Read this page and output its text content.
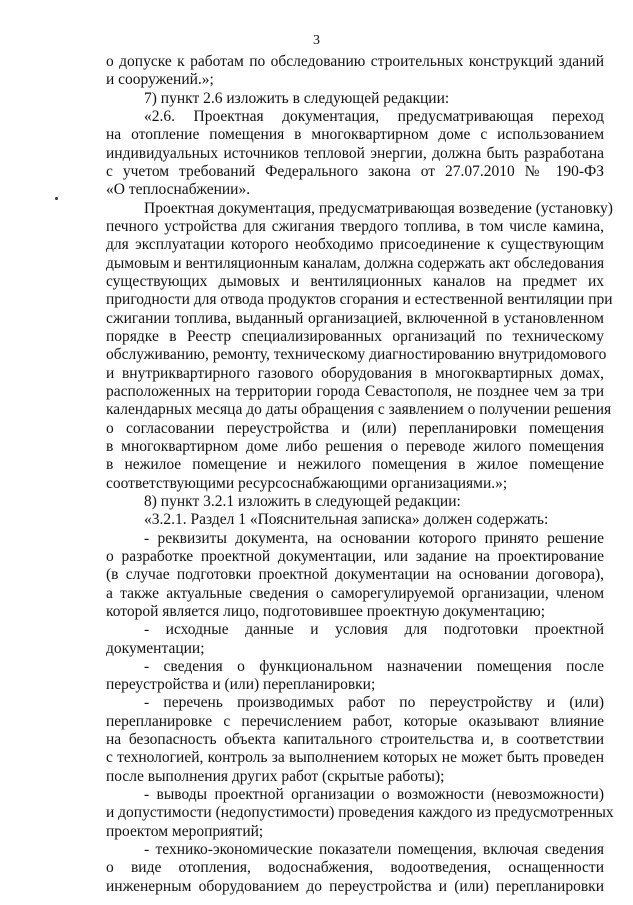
3
о допуске к работам по обследованию строительных конструкций зданий
и сооружений.»;
7) пункт 2.6 изложить в следующей редакции:
«2.6. Проектная документация, предусматривающая переход
на отопление помещения в многоквартирном доме с использованием
индивидуальных источников тепловой энергии, должна быть разработана
с учетом требований Федерального закона от 27.07.2010 № 190-ФЗ
«О теплоснабжении».
Проектная документация, предусматривающая возведение (установку)
печного устройства для сжигания твердого топлива, в том числе камина,
для эксплуатации которого необходимо присоединение к существующим
дымовым и вентиляционным каналам, должна содержать акт обследования
существующих дымовых и вентиляционных каналов на предмет их
пригодности для отвода продуктов сгорания и естественной вентиляции при
сжигании топлива, выданный организацией, включенной в установленном
порядке в Реестр специализированных организаций по техническому
обслуживанию, ремонту, техническому диагностированию внутридомового
и внутриквартирного газового оборудования в многоквартирных домах,
расположенных на территории города Севастополя, не позднее чем за три
календарных месяца до даты обращения с заявлением о получении решения
о согласовании переустройства и (или) перепланировки помещения
в многоквартирном доме либо решения о переводе жилого помещения
в нежилое помещение и нежилого помещения в жилое помещение
соответствующими ресурсоснабжающими организациями.»;
8) пункт 3.2.1 изложить в следующей редакции:
«3.2.1. Раздел 1 «Пояснительная записка» должен содержать:
- реквизиты документа, на основании которого принято решение
о разработке проектной документации, или задание на проектирование
(в случае подготовки проектной документации на основании договора),
а также актуальные сведения о саморегулируемой организации, членом
которой является лицо, подготовившее проектную документацию;
- исходные данные и условия для подготовки проектной
документации;
- сведения о функциональном назначении помещения после
переустройства и (или) перепланировки;
- перечень производимых работ по переустройству и (или)
перепланировке с перечислением работ, которые оказывают влияние
на безопасность объекта капитального строительства и, в соответствии
с технологией, контроль за выполнением которых не может быть проведен
после выполнения других работ (скрытые работы);
- выводы проектной организации о возможности (невозможности)
и допустимости (недопустимости) проведения каждого из предусмотренных
проектом мероприятий;
- технико-экономические показатели помещения, включая сведения
о виде отопления, водоснабжения, водоотведения, оснащенности
инженерным оборудованием до переустройства и (или) перепланировки
